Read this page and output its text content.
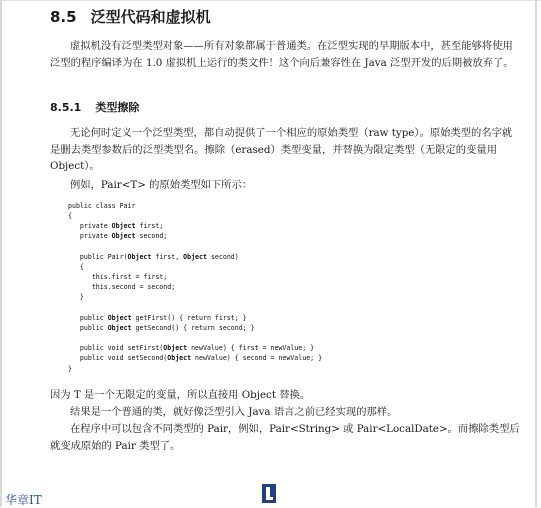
8.5 泛型代码和虚拟机

虚拟机没有泛型类型对象——所有对象都属于普通类。在泛型实现的早期版本中，甚至能够将使用泛型的程序编译为在 1.0 虚拟机上运行的类文件！这个向后兼容性在 Java 泛型开发的后期被放弃了。

8.5.1 类型擦除

无论何时定义一个泛型类型，都自动提供了一个相应的原始类型（raw type）。原始类型的名字就是删去类型参数后的泛型类型名。擦除（erased）类型变量，并替换为限定类型（无限定的变量用 Object）。

例如，Pair<T> 的原始类型如下所示：

public class Pair
{
private Object first;
private Object second;

public Pair(Object first, Object second)
{
this.first = first;
this.second = second;
}

public Object getFirst() { return first; }
public Object getSecond() { return second; }

public void setFirst(Object newValue) { first = newValue; }
public void setSecond(Object newValue) { second = newValue; }
}

因为 T 是一个无限定的变量，所以直接用 Object 替换。

结果是一个普通的类，就好像泛型引入 Java 语言之前已经实现的那样。

在程序中可以包含不同类型的 Pair，例如，Pair<String> 或 Pair<LocalDate>。而擦除类型后就变成原始的 Pair 类型了。

华章IT
